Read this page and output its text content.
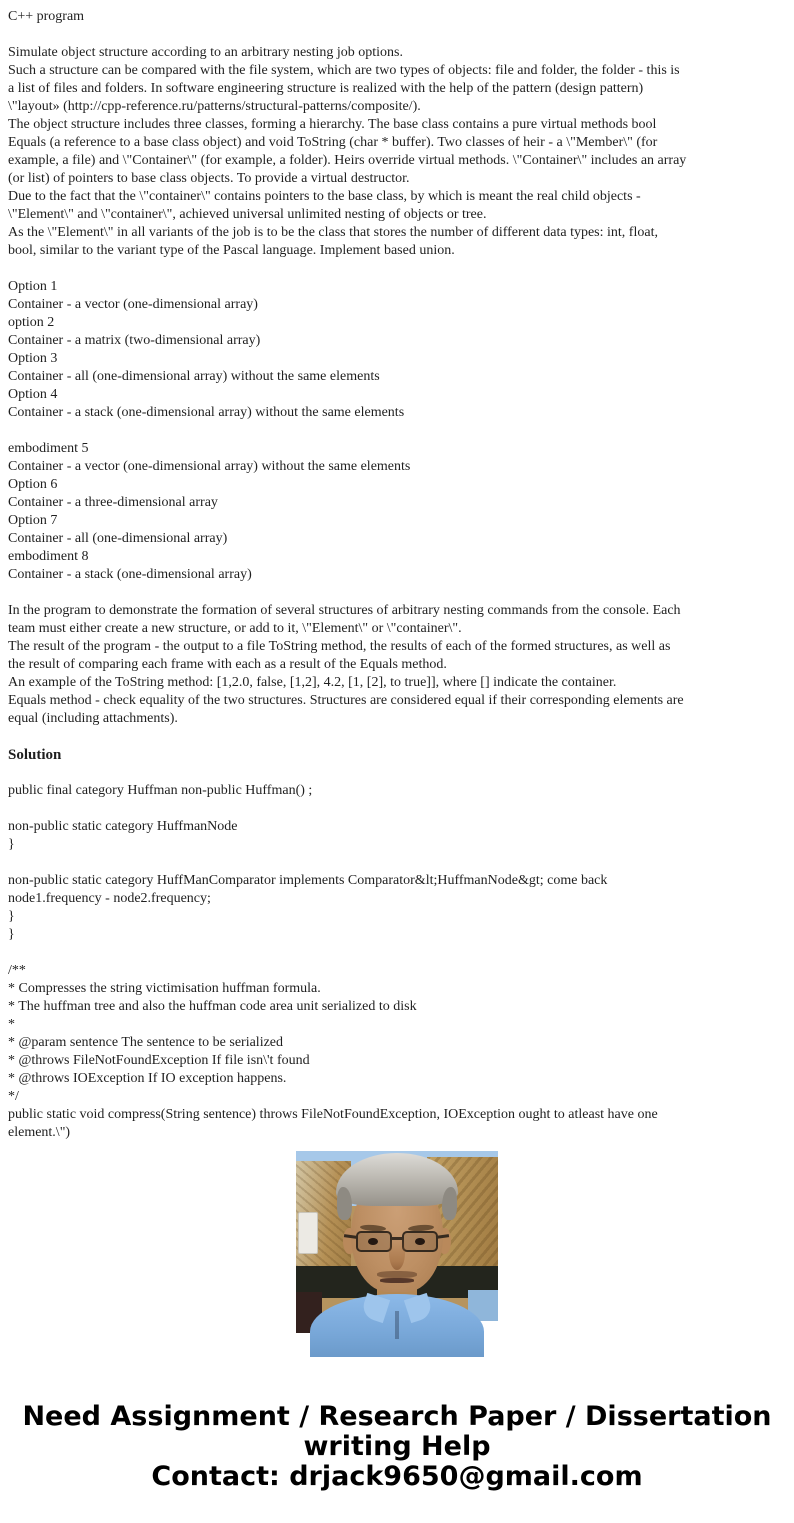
C++ program
Simulate object structure according to an arbitrary nesting job options.
Such a structure can be compared with the file system, which are two types of objects: file and folder, the folder - this is
a list of files and folders. In software engineering structure is realized with the help of the pattern (design pattern)
\"layout» (http://cpp-reference.ru/patterns/structural-patterns/composite/).
The object structure includes three classes, forming a hierarchy. The base class contains a pure virtual methods bool
Equals (a reference to a base class object) and void ToString (char * buffer). Two classes of heir - a \"Member\" (for
example, a file) and \"Container\" (for example, a folder). Heirs override virtual methods. \"Container\" includes an array
(or list) of pointers to base class objects. To provide a virtual destructor.
Due to the fact that the \"container\" contains pointers to the base class, by which is meant the real child objects -
\"Element\" and \"container\", achieved universal unlimited nesting of objects or tree.
As the \"Element\" in all variants of the job is to be the class that stores the number of different data types: int, float,
bool, similar to the variant type of the Pascal language. Implement based union.
Option 1
Container - a vector (one-dimensional array)
option 2
Container - a matrix (two-dimensional array)
Option 3
Container - all (one-dimensional array) without the same elements
Option 4
Container - a stack (one-dimensional array) without the same elements
embodiment 5
Container - a vector (one-dimensional array) without the same elements
Option 6
Container - a three-dimensional array
Option 7
Container - all (one-dimensional array)
embodiment 8
Container - a stack (one-dimensional array)
In the program to demonstrate the formation of several structures of arbitrary nesting commands from the console. Each
team must either create a new structure, or add to it, \"Element\" or \"container\".
The result of the program - the output to a file ToString method, the results of each of the formed structures, as well as
the result of comparing each frame with each as a result of the Equals method.
An example of the ToString method: [1,2.0, false, [1,2], 4.2, [1, [2], to true]], where [] indicate the container.
Equals method - check equality of the two structures. Structures are considered equal if their corresponding elements are
equal (including attachments).
Solution
public final category Huffman non-public Huffman() ;
non-public static category HuffmanNode
}
non-public static category HuffManComparator implements Comparator&lt;HuffmanNode&gt; come back
node1.frequency - node2.frequency;
}
}
/**
* Compresses the string victimisation huffman formula.
* The huffman tree and also the huffman code area unit serialized to disk
*
* @param sentence The sentence to be serialized
* @throws FileNotFoundException If file isn\'t found
* @throws IOException If IO exception happens.
*/
public static void compress(String sentence) throws FileNotFoundException, IOException ought to atleast have one
element.\")
Need Assignment / Research Paper / Dissertation
writing Help
Contact: drjack9650@gmail.com
